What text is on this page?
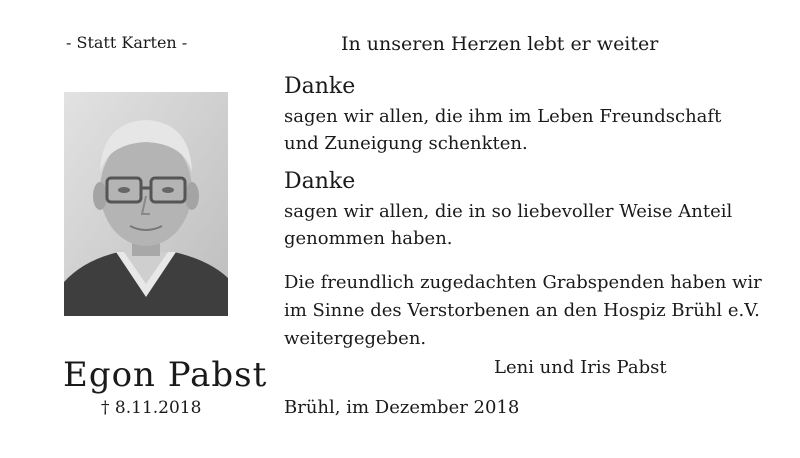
- Statt Karten -	In unseren Herzen lebt er weiter
Danke
sagen wir allen, die ihm im Leben Freundschaft
und Zuneigung schenkten.
Danke
sagen wir allen, die in so liebevoller Weise Anteil
genommen haben.
Die freundlich zugedachten Grabspenden haben wir
im Sinne des Verstorbenen an den Hospiz Brühl e.V.
weitergegeben.
Egon Pabst
† 8.11.2018
Leni und Iris Pabst
Brühl, im Dezember 2018
